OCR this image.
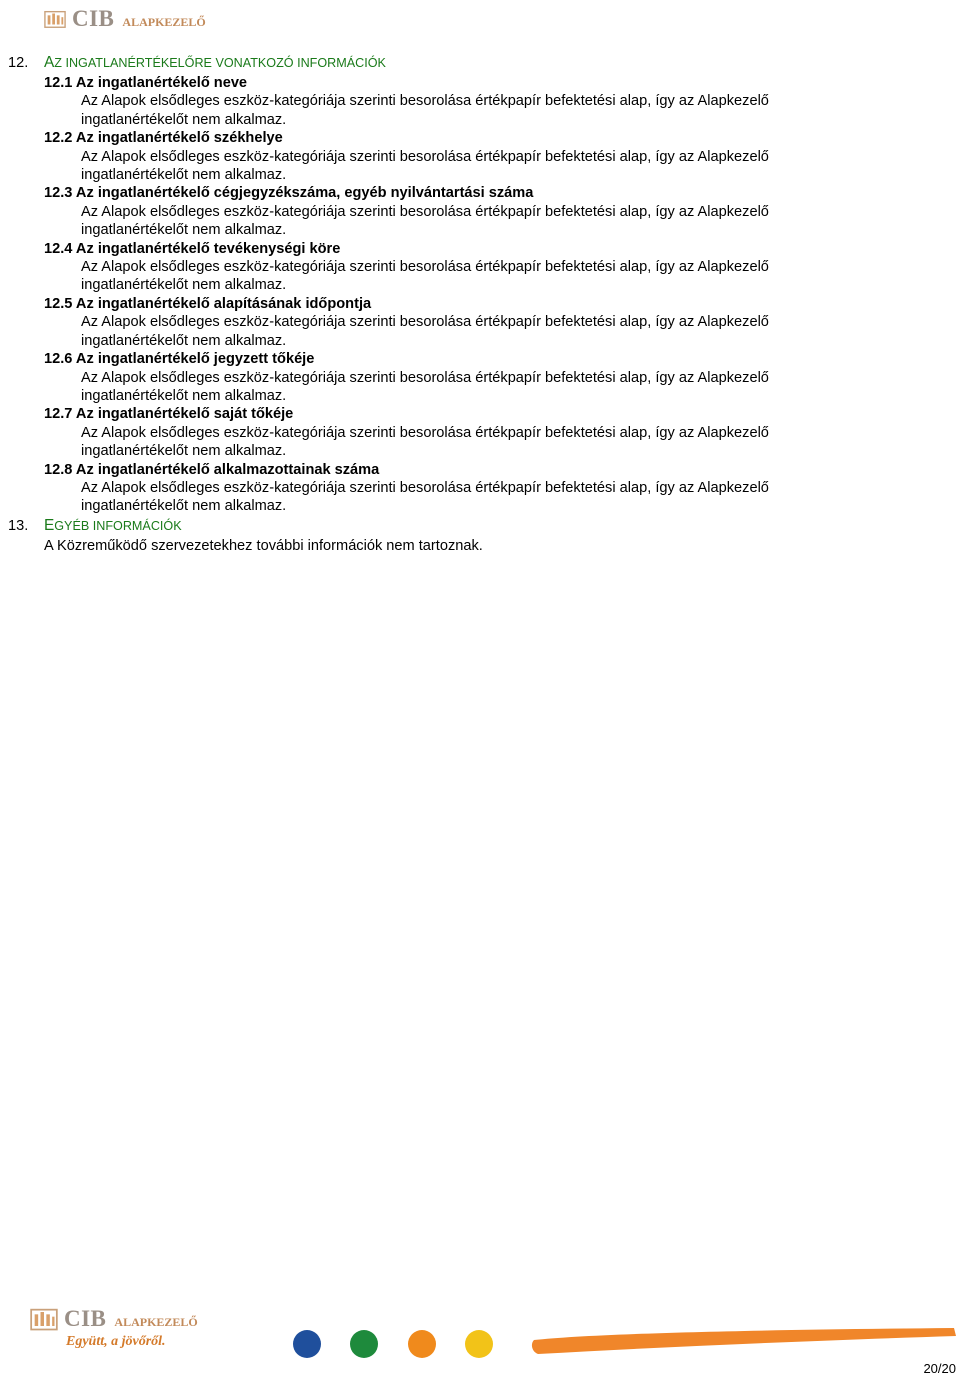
CIB ALAPKEZELŐ
12. AZ INGATLANÉRTÉKELŐRE VONATKOZÓ INFORMÁCIÓK
12.1 Az ingatlanértékelő neve
Az Alapok elsődleges eszköz-kategóriája szerinti besorolása értékpapír befektetési alap, így az Alapkezelő
ingatlanértékelőt nem alkalmaz.
12.2 Az ingatlanértékelő székhelye
Az Alapok elsődleges eszköz-kategóriája szerinti besorolása értékpapír befektetési alap, így az Alapkezelő
ingatlanértékelőt nem alkalmaz.
12.3 Az ingatlanértékelő cégjegyzékszáma, egyéb nyilvántartási száma
Az Alapok elsődleges eszköz-kategóriája szerinti besorolása értékpapír befektetési alap, így az Alapkezelő
ingatlanértékelőt nem alkalmaz.
12.4 Az ingatlanértékelő tevékenységi köre
Az Alapok elsődleges eszköz-kategóriája szerinti besorolása értékpapír befektetési alap, így az Alapkezelő
ingatlanértékelőt nem alkalmaz.
12.5 Az ingatlanértékelő alapításának időpontja
Az Alapok elsődleges eszköz-kategóriája szerinti besorolása értékpapír befektetési alap, így az Alapkezelő
ingatlanértékelőt nem alkalmaz.
12.6 Az ingatlanértékelő jegyzett tőkéje
Az Alapok elsődleges eszköz-kategóriája szerinti besorolása értékpapír befektetési alap, így az Alapkezelő
ingatlanértékelőt nem alkalmaz.
12.7 Az ingatlanértékelő saját tőkéje
Az Alapok elsődleges eszköz-kategóriája szerinti besorolása értékpapír befektetési alap, így az Alapkezelő
ingatlanértékelőt nem alkalmaz.
12.8 Az ingatlanértékelő alkalmazottainak száma
Az Alapok elsődleges eszköz-kategóriája szerinti besorolása értékpapír befektetési alap, így az Alapkezelő
ingatlanértékelőt nem alkalmaz.
13. EGYÉB INFORMÁCIÓK
A Közreműködő szervezetekhez további információk nem tartoznak.
CIB ALAPKEZELŐ
Együtt, a jövőről.
20/20
